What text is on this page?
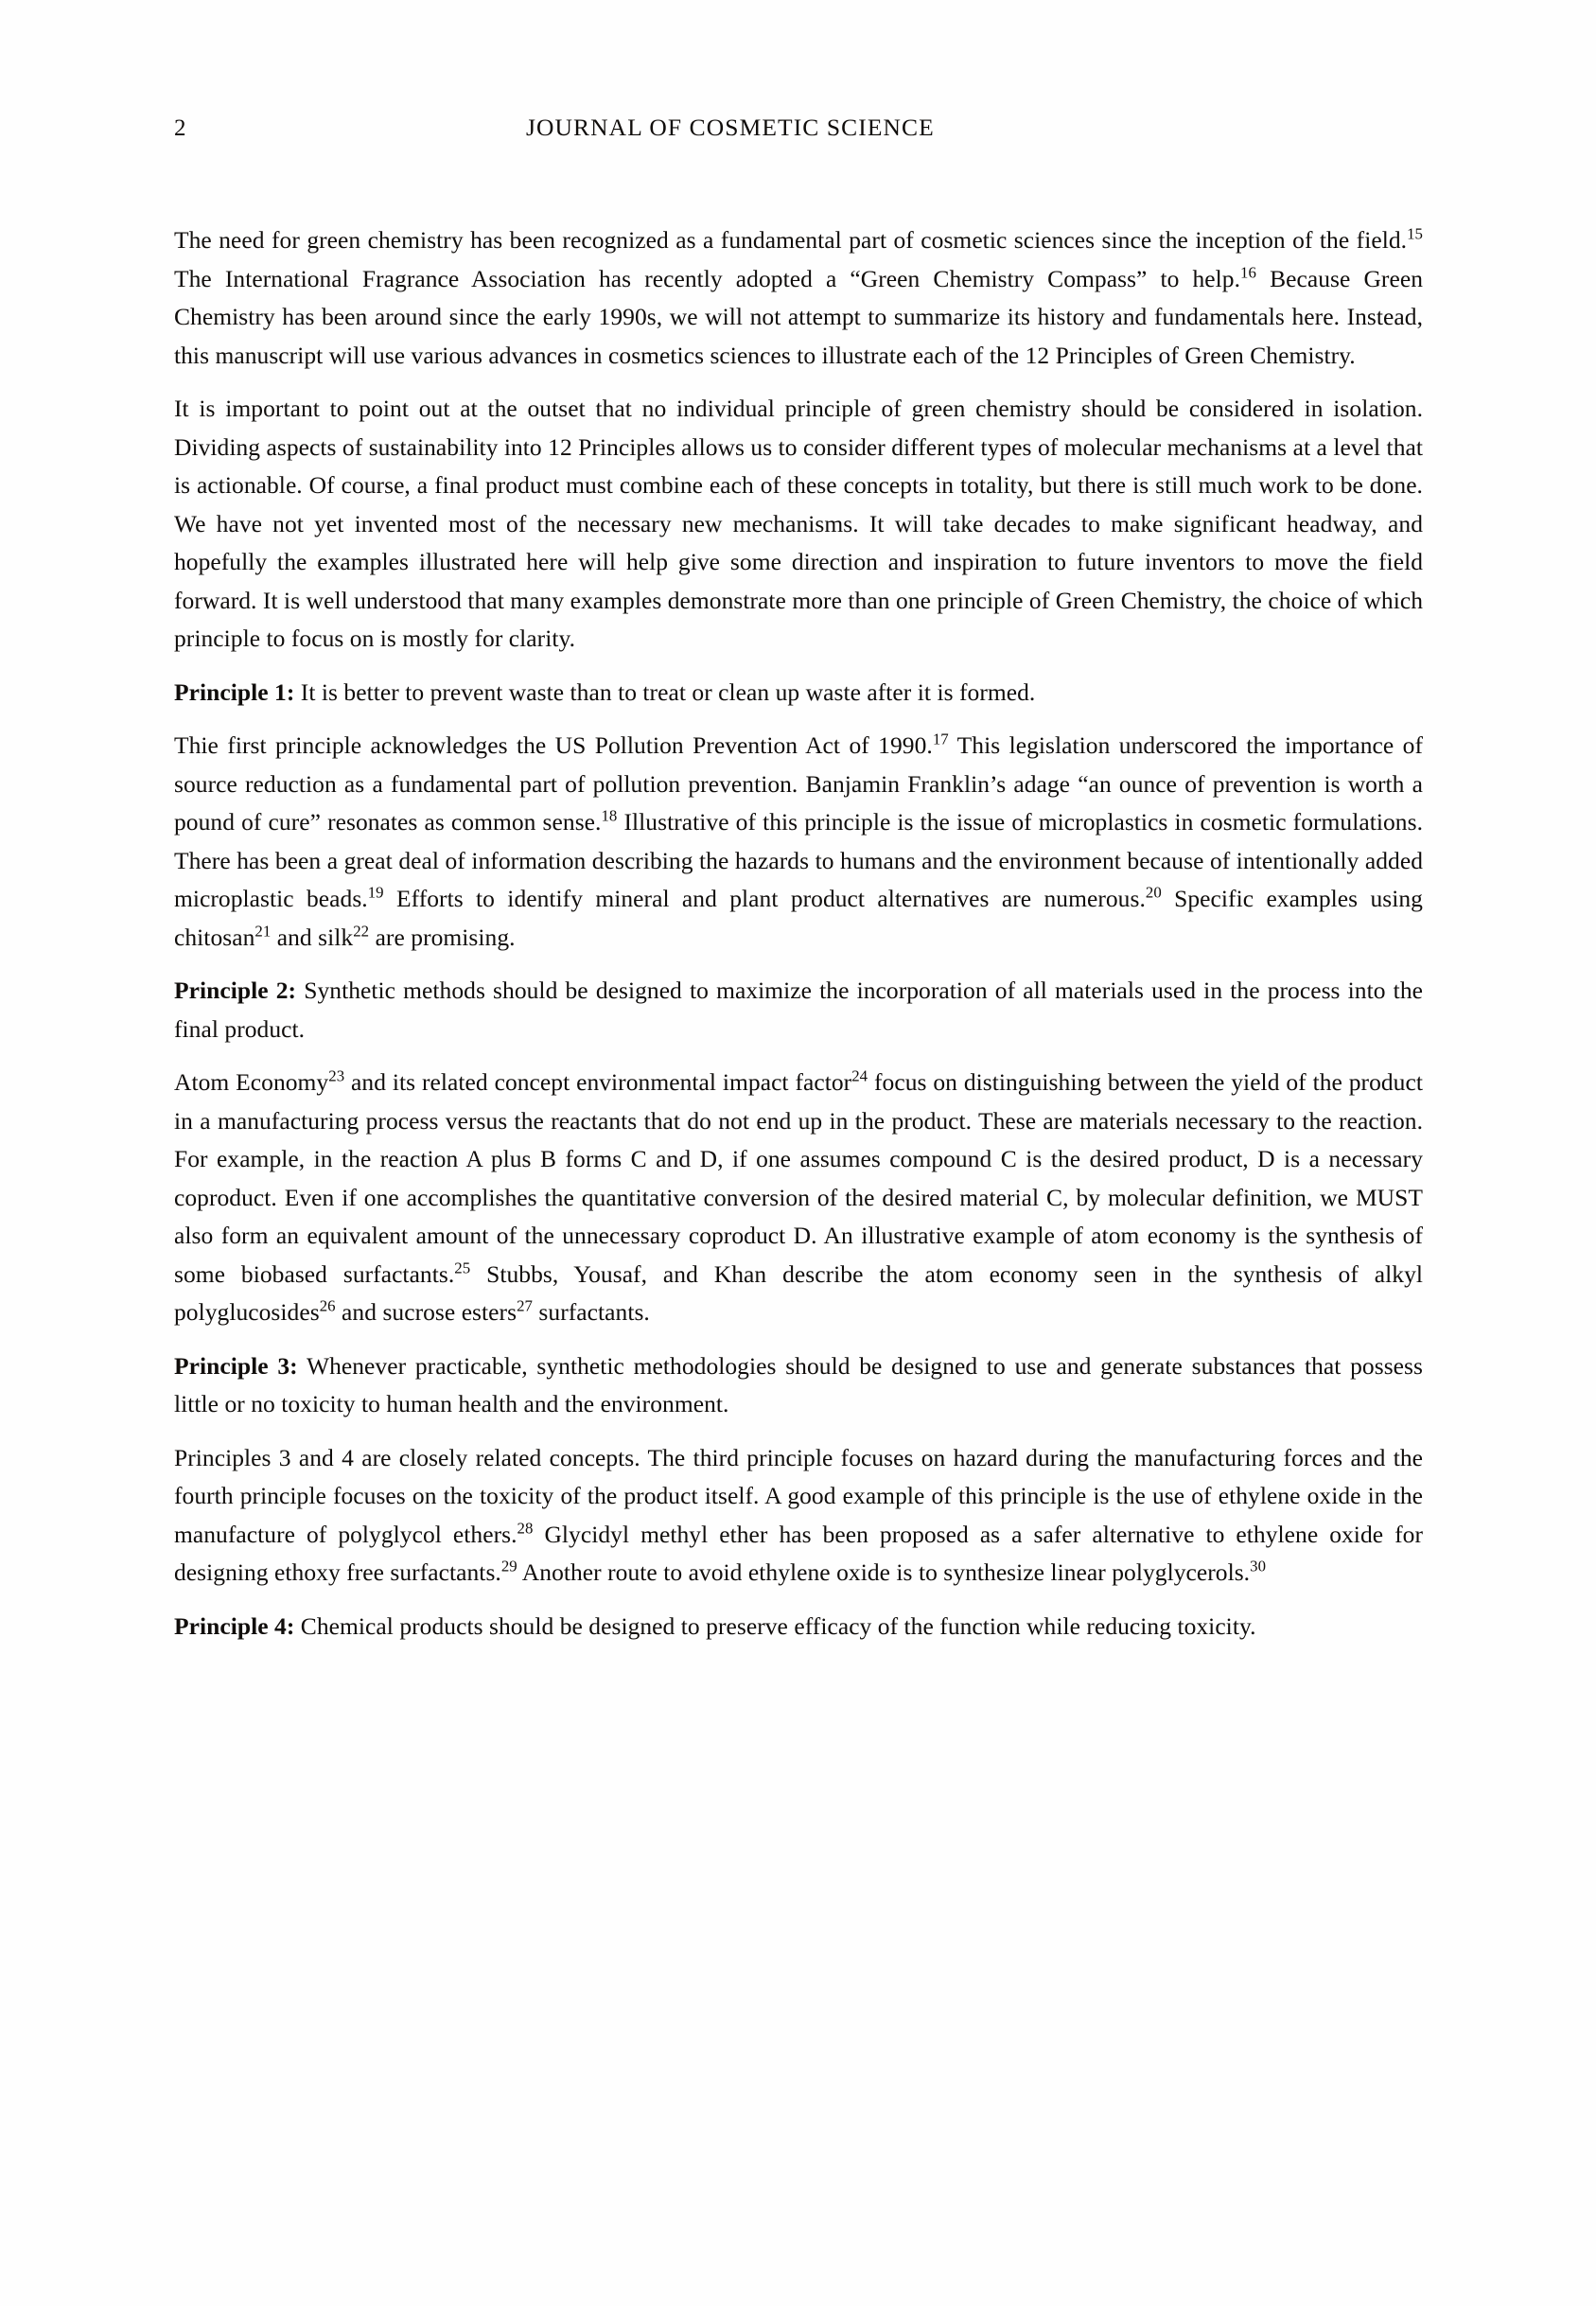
2	JOURNAL OF COSMETIC SCIENCE

The need for green chemistry has been recognized as a fundamental part of cosmetic sciences since the inception of the field.$^{15}$ The International Fragrance Association has recently adopted a “Green Chemistry Compass” to help.$^{16}$ Because Green Chemistry has been around since the early 1990s, we will not attempt to summarize its history and fundamentals here. Instead, this manuscript will use various advances in cosmetics sciences to illustrate each of the 12 Principles of Green Chemistry.

It is important to point out at the outset that no individual principle of green chemistry should be considered in isolation. Dividing aspects of sustainability into 12 Principles allows us to consider different types of molecular mechanisms at a level that is actionable. Of course, a final product must combine each of these concepts in totality, but there is still much work to be done. We have not yet invented most of the necessary new mechanisms. It will take decades to make significant headway, and hopefully the examples illustrated here will help give some direction and inspiration to future inventors to move the field forward. It is well understood that many examples demonstrate more than one principle of Green Chemistry, the choice of which principle to focus on is mostly for clarity.

Principle 1: It is better to prevent waste than to treat or clean up waste after it is formed.

Thie first principle acknowledges the US Pollution Prevention Act of 1990.17 This legislation underscored the importance of source reduction as a fundamental part of pollution prevention. Banjamin Franklin’s adage “an ounce of prevention is worth a pound of cure” resonates as common sense.$^{18}$ Illustrative of this principle is the issue of microplastics in cosmetic formulations. There has been a great deal of information describing the hazards to humans and the environment because of intentionally added microplastic beads.$^{19}$ Efforts to identify mineral and plant product alternatives are numerous.$^{20}$ Specific examples using chitosan$^{21}$ and silk$^{22}$ are promising.

Principle 2: Synthetic methods should be designed to maximize the incorporation of all materials used in the process into the final product.

Atom Economy$^{23}$ and its related concept environmental impact factor$^{24}$ focus on distinguishing between the yield of the product in a manufacturing process versus the reactants that do not end up in the product. These are materials necessary to the reaction. For example, in the reaction A plus B forms C and D, if one assumes compound C is the desired product, D is a necessary coproduct. Even if one accomplishes the quantitative conversion of the desired material C, by molecular definition, we MUST also form an equivalent amount of the unnecessary coproduct D. An illustrative example of atom economy is the synthesis of some biobased surfactants.$^{25}$ Stubbs, Yousaf, and Khan describe the atom economy seen in the synthesis of alkyl polyglucosides$^{26}$ and sucrose esters$^{27}$ surfactants.

Principle 3: Whenever practicable, synthetic methodologies should be designed to use and generate substances that possess little or no toxicity to human health and the environment.

Principles 3 and 4 are closely related concepts. The third principle focuses on hazard during the manufacturing forces and the fourth principle focuses on the toxicity of the product itself. A good example of this principle is the use of ethylene oxide in the manufacture of polyglycol ethers.$^{28}$ Glycidyl methyl ether has been proposed as a safer alternative to ethylene oxide for designing ethoxy free surfactants.$^{29}$ Another route to avoid ethylene oxide is to synthesize linear polyglycerols.$^{30}$

Principle 4: Chemical products should be designed to preserve efficacy of the function while reducing toxicity.
